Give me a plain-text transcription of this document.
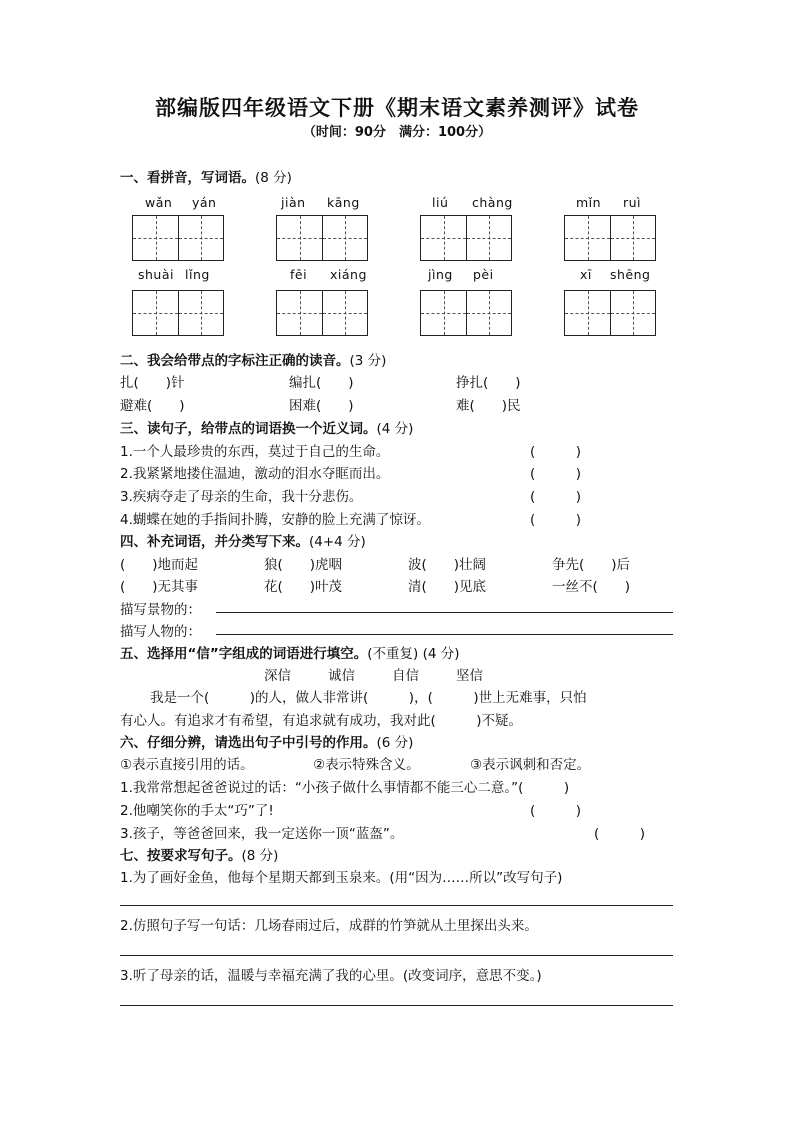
部编版四年级语文下册《期末语文素养测评》试卷
（时间：90分　满分：100分）
一、看拼音，写词语。(8 分)
wǎn yán	jiàn kāng	liú chàng	mǐn ruì
shuài lǐng	fēi xiáng	jìng pèi	xī shēng
二、我会给带点的字标注正确的读音。(3 分)
扎(　　)针	编扎(　　)	挣扎(　　)
避难(　　)	困难(　　)	难(　　)民
三、读句子，给带点的词语换一个近义词。(4 分)
1.一个人最珍贵的东西，莫过于自己的生命。	(　　　)
2.我紧紧地搂住温迪，激动的泪水夺眶而出。	(　　　)
3.疾病夺走了母亲的生命，我十分悲伤。	(　　　)
4.蝴蝶在她的手指间扑腾，安静的脸上充满了惊讶。	(　　　)
四、补充词语，并分类写下来。(4+4 分)
(　　)地而起	狼(　　)虎咽	波(　　)壮阔	争先(　　)后
(　　)无其事	花(　　)叶茂	清(　　)见底	一丝不(　　)
描写景物的：
描写人物的：
五、选择用“信”字组成的词语进行填空。(不重复) (4 分)
深信	诚信	自信	坚信
我是一个(　　　)的人，做人非常讲(　　　)，(　　　)世上无难事，只怕
有心人。有追求才有希望，有追求就有成功，我对此(　　　)不疑。
六、仔细分辨，请选出句子中引号的作用。(6 分)
①表示直接引用的话。	②表示特殊含义。	③表示讽刺和否定。
1.我常常想起爸爸说过的话：“小孩子做什么事情都不能三心二意。”(　　　)
2.他嘲笑你的手太“巧”了!	(　　　)
3.孩子，等爸爸回来，我一定送你一顶“蓝盔”。	(　　　)
七、按要求写句子。(8 分)
1.为了画好金鱼，他每个星期天都到玉泉来。(用“因为……所以”改写句子)
2.仿照句子写一句话：几场春雨过后，成群的竹笋就从土里探出头来。
3.听了母亲的话，温暖与幸福充满了我的心里。(改变词序，意思不变。)
